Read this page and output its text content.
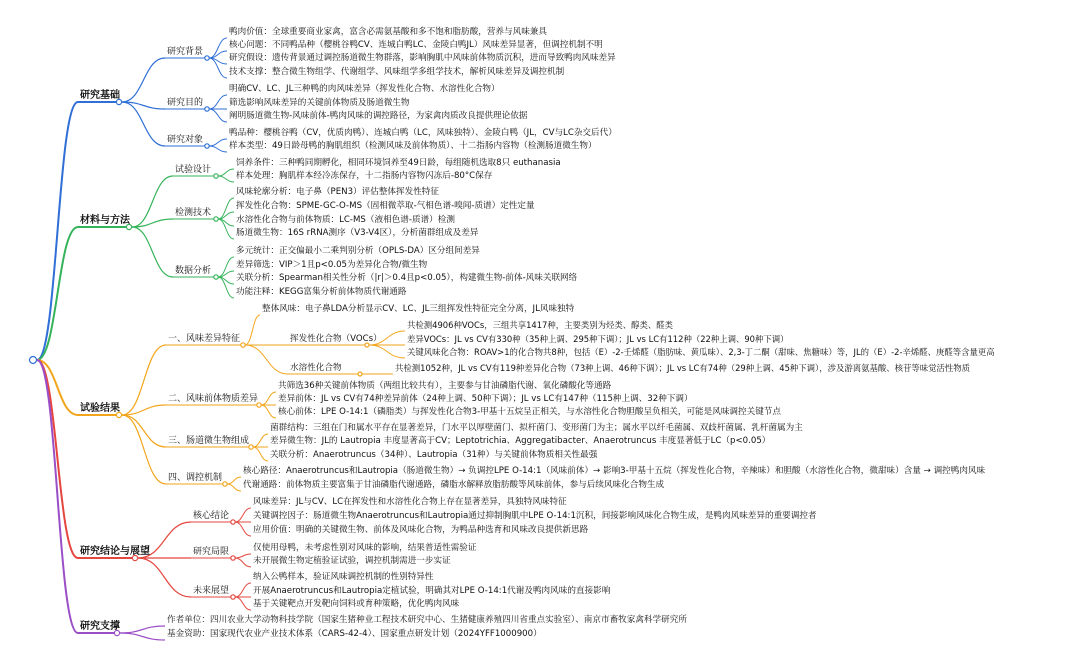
研究基础
研究背景
鸭肉价值：全球重要商业家禽，富含必需氨基酸和多不饱和脂肪酸，营养与风味兼具
核心问题：不同鸭品种（樱桃谷鸭CV、连城白鸭LC、金陵白鸭JL）风味差异显著，但调控机制不明
研究假设：遗传背景通过调控肠道微生物群落，影响胸肌中风味前体物质沉积，进而导致鸭肉风味差异
技术支撑：整合微生物组学、代谢组学、风味组学多组学技术，解析风味差异及调控机制
研究目的
明确CV、LC、JL三种鸭的肉风味差异（挥发性化合物、水溶性化合物）
筛选影响风味差异的关键前体物质及肠道微生物
阐明肠道微生物-风味前体-鸭肉风味的调控路径，为家禽肉质改良提供理论依据
研究对象
鸭品种：樱桃谷鸭（CV，优质肉鸭）、连城白鸭（LC，风味独特）、金陵白鸭（JL，CV与LC杂交后代）
样本类型：49日龄母鸭的胸肌组织（检测风味及前体物质）、十二指肠内容物（检测肠道微生物）
材料与方法
试验设计
饲养条件：三种鸭同期孵化，相同环境饲养至49日龄，每组随机选取8只 euthanasia
样本处理：胸肌样本经冷冻保存，十二指肠内容物闪冻后-80°C保存
检测技术
风味轮廓分析：电子鼻（PEN3）评估整体挥发性特征
挥发性化合物：SPME-GC-O-MS（固相微萃取-气相色谱-嗅闻-质谱）定性定量
水溶性化合物与前体物质：LC-MS（液相色谱-质谱）检测
肠道微生物：16S rRNA测序（V3-V4区），分析菌群组成及差异
数据分析
多元统计：正交偏最小二乘判别分析（OPLS-DA）区分组间差异
差异筛选：VIP＞1且p<0.05为差异化合物/微生物
关联分析：Spearman相关性分析（|r|＞0.4且p<0.05），构建微生物-前体-风味关联网络
功能注释：KEGG富集分析前体物质代谢通路
试验结果
一、风味差异特征
整体风味：电子鼻LDA分析显示CV、LC、JL三组挥发性特征完全分离，JL风味独特
挥发性化合物（VOCs）
共检测4906种VOCs，三组共享1417种，主要类别为烃类、醇类、醛类
差异VOCs：JL vs CV有330种（35种上调、295种下调）；JL vs LC有112种（22种上调、90种下调）
关键风味化合物：ROAV>1的化合物共8种，包括（E）-2-壬烯醛（脂肪味、黄瓜味）、2,3-丁二酮（甜味、焦糖味）等，JL的（E）-2-辛烯醛、庚醛等含量更高
水溶性化合物	共检测1052种，JL vs CV有119种差异化合物（73种上调、46种下调）；JL vs LC有74种（29种上调、45种下调），涉及游离氨基酸、核苷等味觉活性物质
二、风味前体物质差异
共筛选36种关键前体物质（两组比较共有），主要参与甘油磷脂代谢、氧化磷酸化等通路
差异前体：JL vs CV有74种差异前体（24种上调、50种下调）；JL vs LC有147种（115种上调、32种下调）
核心前体：LPE O-14:1（磷脂类）与挥发性化合物3-甲基十五烷呈正相关，与水溶性化合物胆酸呈负相关，可能是风味调控关键节点
三、肠道微生物组成
菌群结构：三组在门和属水平存在显著差异，门水平以厚壁菌门、拟杆菌门、变形菌门为主；属水平以纤毛菌属、双歧杆菌属、乳杆菌属为主
差异微生物：JL的 Lautropia 丰度显著高于CV；Leptotrichia、Aggregatibacter、Anaerotruncus 丰度显著低于LC（p<0.05）
关联分析：Anaerotruncus（34种）、Lautropia（31种）与关键前体物质相关性最强
四、调控机制
核心路径：Anaerotruncus和Lautropia（肠道微生物）→ 负调控LPE O-14:1（风味前体）→ 影响3-甲基十五烷（挥发性化合物，辛辣味）和胆酸（水溶性化合物，微甜味）含量 → 调控鸭肉风味
代谢通路：前体物质主要富集于甘油磷脂代谢通路，磷脂水解释放脂肪酸等风味前体，参与后续风味化合物生成
研究结论与展望
核心结论
风味差异：JL与CV、LC在挥发性和水溶性化合物上存在显著差异，具独特风味特征
关键调控因子：肠道微生物Anaerotruncus和Lautropia通过抑制胸肌中LPE O-14:1沉积，间接影响风味化合物生成，是鸭肉风味差异的重要调控者
应用价值：明确的关键微生物、前体及风味化合物，为鸭品种选育和风味改良提供新思路
研究局限	仅使用母鸭，未考虑性别对风味的影响，结果普适性需验证
未开展微生物定植验证试验，调控机制需进一步实证
未来展望
纳入公鸭样本，验证风味调控机制的性别特异性
开展Anaerotruncus和Lautropia定植试验，明确其对LPE O-14:1代谢及鸭肉风味的直接影响
基于关键靶点开发靶向饲料或育种策略，优化鸭肉风味
研究支撑
作者单位：四川农业大学动物科技学院（国家生猪种业工程技术研究中心、生猪健康养殖四川省重点实验室）、南京市畜牧家禽科学研究所
基金资助：国家现代农业产业技术体系（CARS-42-4）、国家重点研发计划（2024YFF1000900）
